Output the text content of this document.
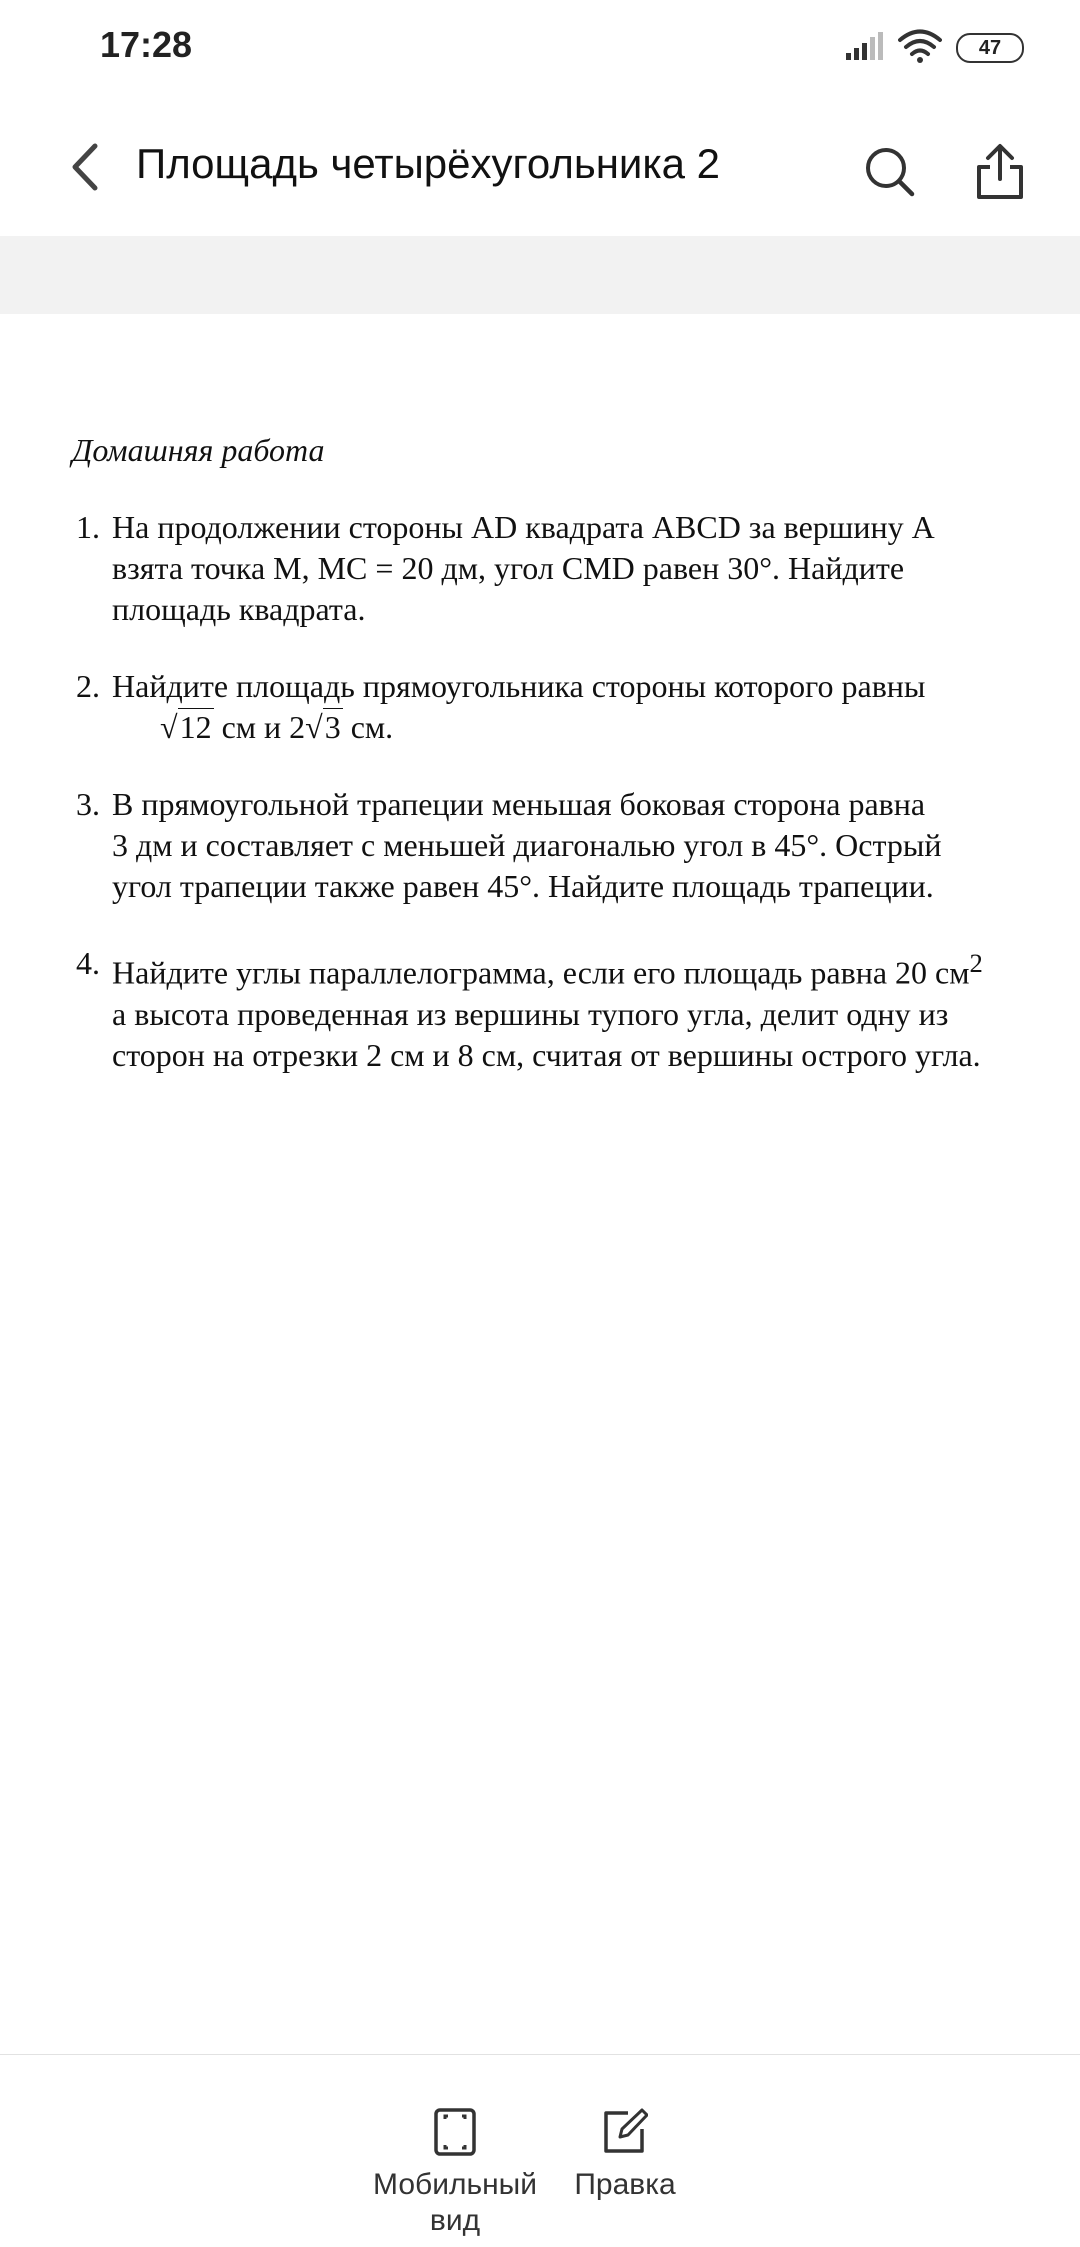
17:28	47
Площадь четырёхугольника 2
Домашняя работа
1. На продолжении стороны AD квадрата ABCD за вершину A
взята точка M, MC = 20 дм, угол CMD равен 30°. Найдите
площадь квадрата.
2. Найдите площадь прямоугольника стороны которого равны
√12 см и 2√3 см.
3. В прямоугольной трапеции меньшая боковая сторона равна
3 дм и составляет с меньшей диагональю угол в 45°. Острый
угол трапеции также равен 45°. Найдите площадь трапеции.
4. Найдите углы параллелограмма, если его площадь равна 20 $см^2$
а высота проведенная из вершины тупого угла, делит одну из
сторон на отрезки 2 см и 8 см, считая от вершины острого угла.
Мобильный вид
Правка
